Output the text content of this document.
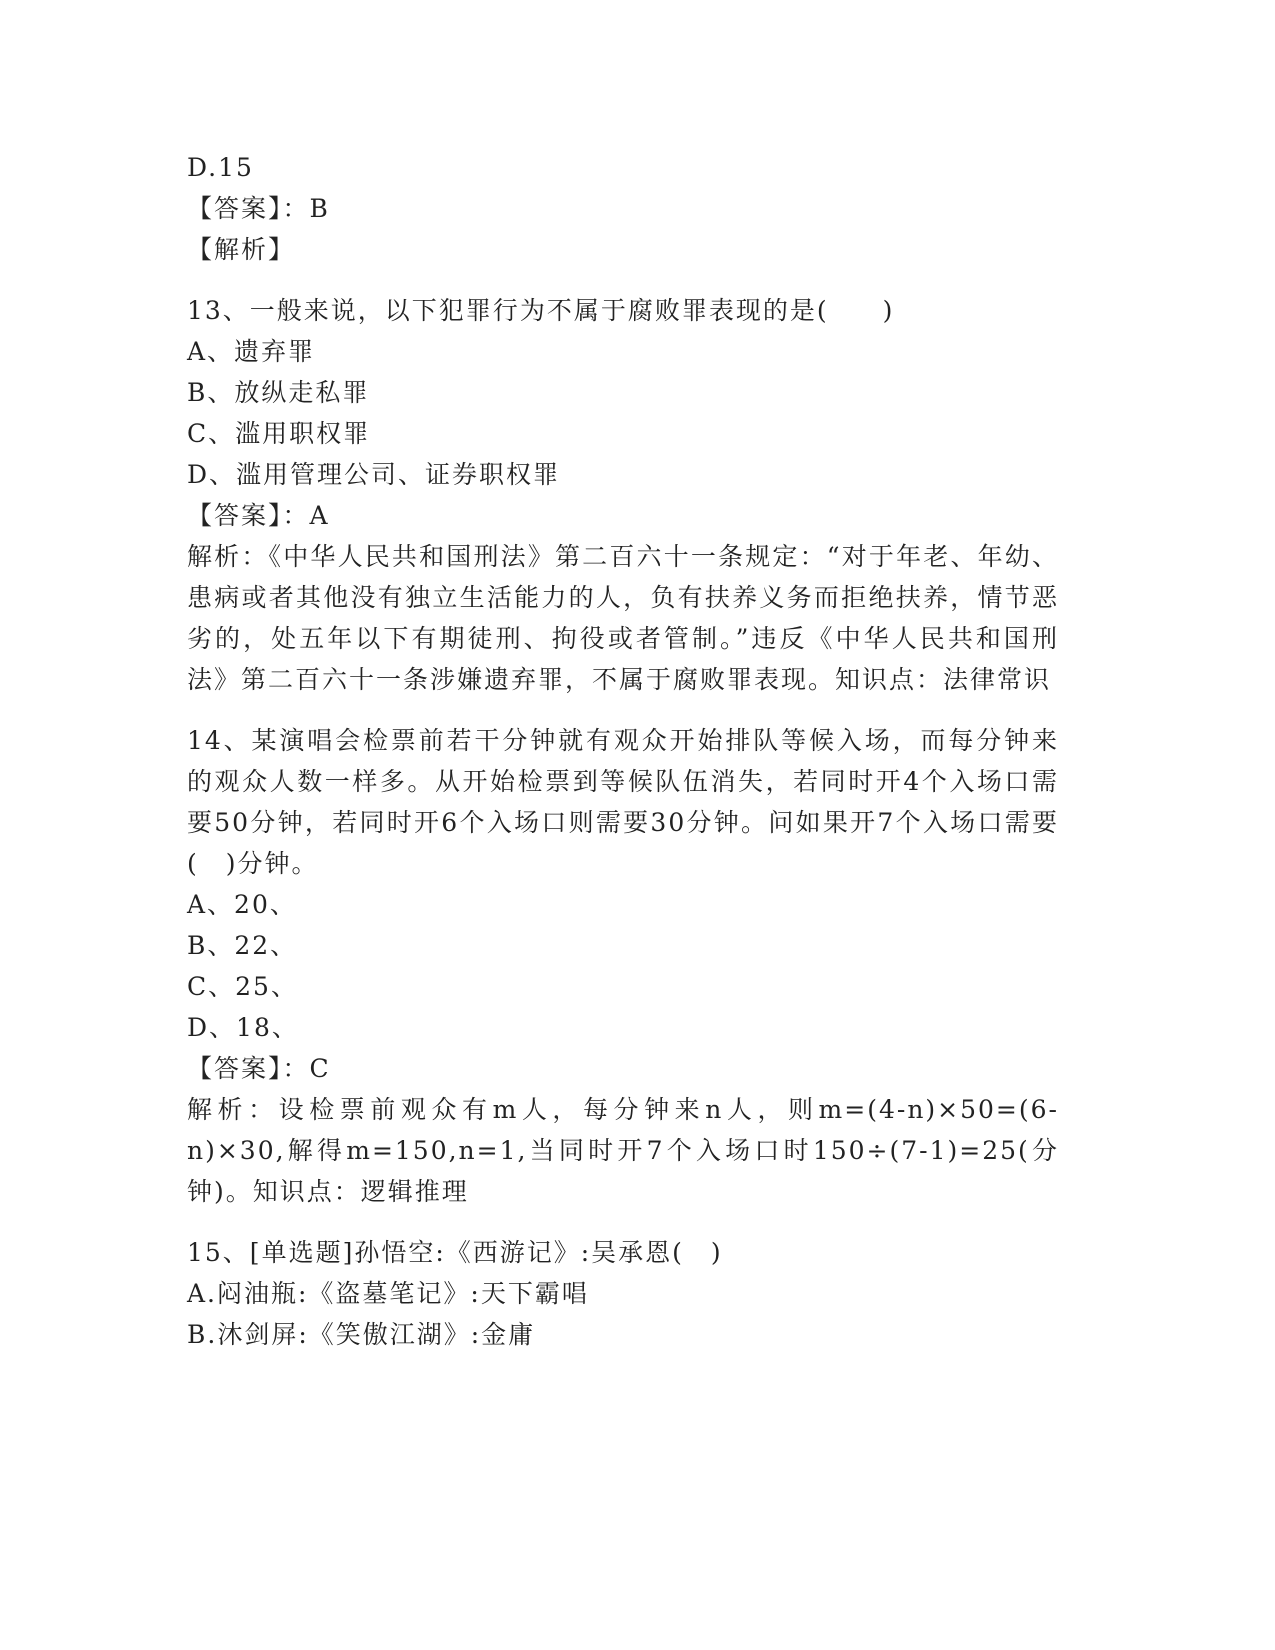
D.15
【答案】：B
【解析】
13、一般来说，以下犯罪行为不属于腐败罪表现的是(　　)
A、遗弃罪
B、放纵走私罪
C、滥用职权罪
D、滥用管理公司、证券职权罪
【答案】：A
解析：《中华人民共和国刑法》第二百六十一条规定：“对于年老、年幼、患病或者其他没有独立生活能力的人，负有扶养义务而拒绝扶养，情节恶劣的，处五年以下有期徒刑、拘役或者管制。”违反《中华人民共和国刑法》第二百六十一条涉嫌遗弃罪，不属于腐败罪表现。知识点：法律常识
14、某演唱会检票前若干分钟就有观众开始排队等候入场，而每分钟来的观众人数一样多。从开始检票到等候队伍消失，若同时开4个入场口需要50分钟，若同时开6个入场口则需要30分钟。问如果开7个入场口需要(　)分钟。
A、20、
B、22、
C、25、
D、18、
【答案】：C
解析：设检票前观众有m人，每分钟来n人，则m=(4-n)×50=(6-n)×30,解得m=150,n=1,当同时开7个入场口时150÷(7-1)=25(分钟)。知识点：逻辑推理
15、[单选题]孙悟空:《西游记》:吴承恩(　)
A.闷油瓶:《盗墓笔记》:天下霸唱
B.沐剑屏:《笑傲江湖》:金庸
